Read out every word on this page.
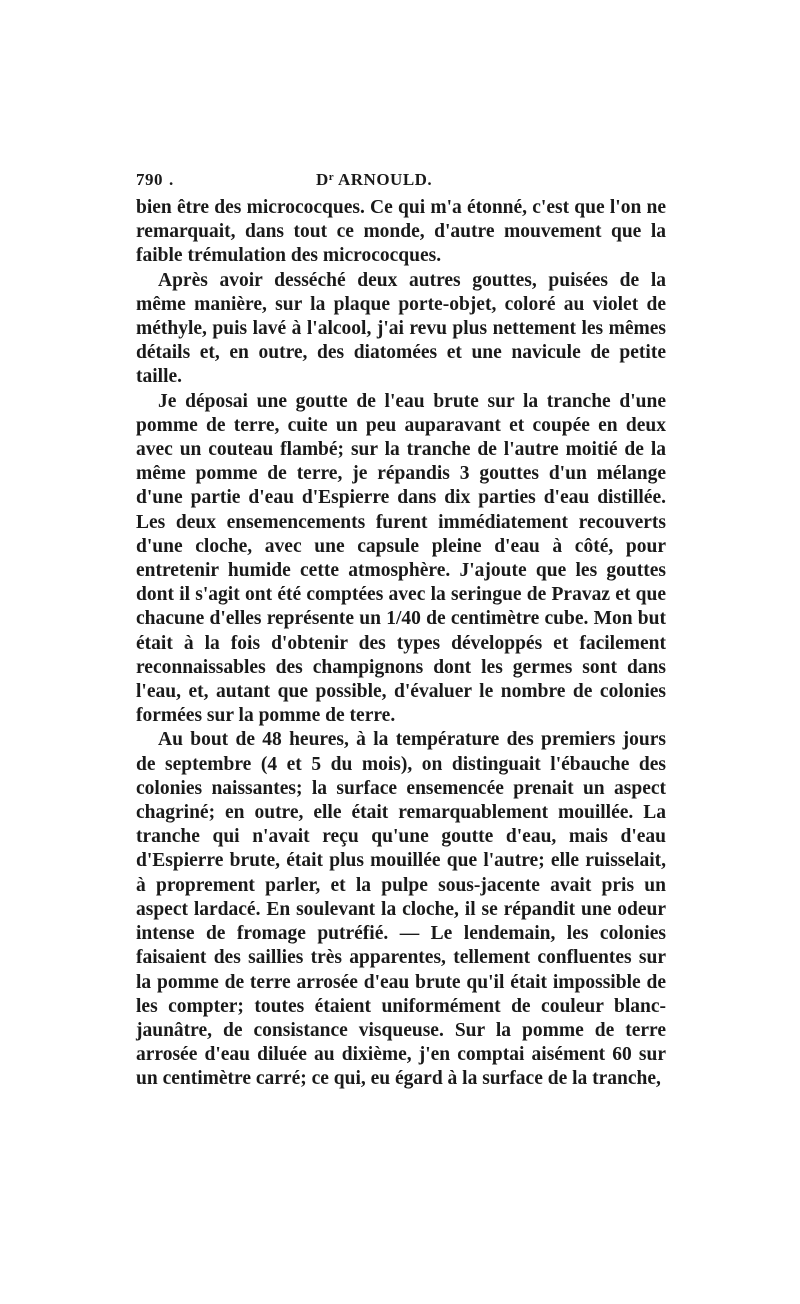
790 .	$D^r$ ARNOULD.

bien être des micrococques. Ce qui m'a étonné, c'est que l'on ne remarquait, dans tout ce monde, d'autre mouvement que la faible trémulation des micrococques.

Après avoir desséché deux autres gouttes, puisées de la même manière, sur la plaque porte-objet, coloré au violet de méthyle, puis lavé à l'alcool, j'ai revu plus nettement les mêmes détails et, en outre, des diatomées et une navicule de petite taille.

Je déposai une goutte de l'eau brute sur la tranche d'une pomme de terre, cuite un peu auparavant et coupée en deux avec un couteau flambé; sur la tranche de l'autre moitié de la même pomme de terre, je répandis 3 gouttes d'un mélange d'une partie d'eau d'Espierre dans dix parties d'eau distillée. Les deux ensemencements furent immédiatement recouverts d'une cloche, avec une capsule pleine d'eau à côté, pour entretenir humide cette atmosphère. J'ajoute que les gouttes dont il s'agit ont été comptées avec la seringue de Pravaz et que chacune d'elles représente un 1/40 de centimètre cube. Mon but était à la fois d'obtenir des types développés et facilement reconnaissables des champignons dont les germes sont dans l'eau, et, autant que possible, d'évaluer le nombre de colonies formées sur la pomme de terre.

Au bout de 48 heures, à la température des premiers jours de septembre (4 et 5 du mois), on distinguait l'ébauche des colonies naissantes; la surface ensemencée prenait un aspect chagriné; en outre, elle était remarquablement mouillée. La tranche qui n'avait reçu qu'une goutte d'eau, mais d'eau d'Espierre brute, était plus mouillée que l'autre; elle ruisselait, à proprement parler, et la pulpe sous-jacente avait pris un aspect lardacé. En soulevant la cloche, il se répandit une odeur intense de fromage putréfié. — Le lendemain, les colonies faisaient des saillies très apparentes, tellement confluentes sur la pomme de terre arrosée d'eau brute qu'il était impossible de les compter; toutes étaient uniformément de couleur blanc-jaunâtre, de consistance visqueuse. Sur la pomme de terre arrosée d'eau diluée au dixième, j'en comptai aisément 60 sur un centimètre carré; ce qui, eu égard à la surface de la tranche,
